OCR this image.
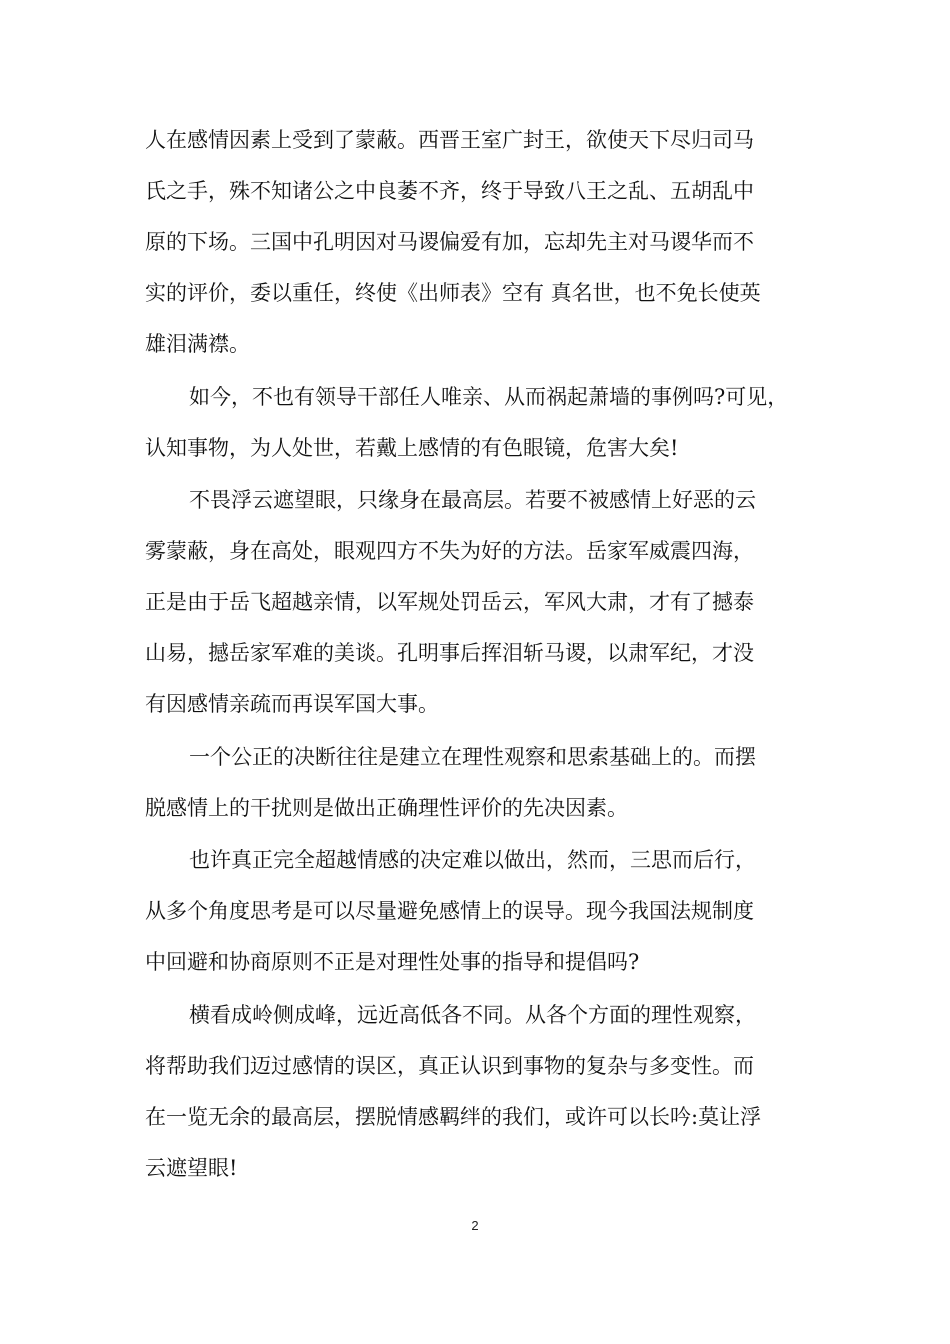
人在感情因素上受到了蒙蔽。西晋王室广封王，欲使天下尽归司马
氏之手，殊不知诸公之中良萎不齐，终于导致八王之乱、五胡乱中
原的下场。三国中孔明因对马谡偏爱有加，忘却先主对马谡华而不
实的评价，委以重任，终使《出师表》空有 真名世，也不免长使英
雄泪满襟。
如今，不也有领导干部任人唯亲、从而祸起萧墙的事例吗?可见，
认知事物，为人处世，若戴上感情的有色眼镜，危害大矣!
不畏浮云遮望眼，只缘身在最高层。若要不被感情上好恶的云
雾蒙蔽，身在高处，眼观四方不失为好的方法。岳家军威震四海，
正是由于岳飞超越亲情，以军规处罚岳云，军风大肃，才有了撼泰
山易，撼岳家军难的美谈。孔明事后挥泪斩马谡，以肃军纪，才没
有因感情亲疏而再误军国大事。
一个公正的决断往往是建立在理性观察和思索基础上的。而摆
脱感情上的干扰则是做出正确理性评价的先决因素。
也许真正完全超越情感的决定难以做出，然而，三思而后行，
从多个角度思考是可以尽量避免感情上的误导。现今我国法规制度
中回避和协商原则不正是对理性处事的指导和提倡吗?
横看成岭侧成峰，远近高低各不同。从各个方面的理性观察，
将帮助我们迈过感情的误区，真正认识到事物的复杂与多变性。而
在一览无余的最高层，摆脱情感羁绊的我们，或许可以长吟:莫让浮
云遮望眼!
2
